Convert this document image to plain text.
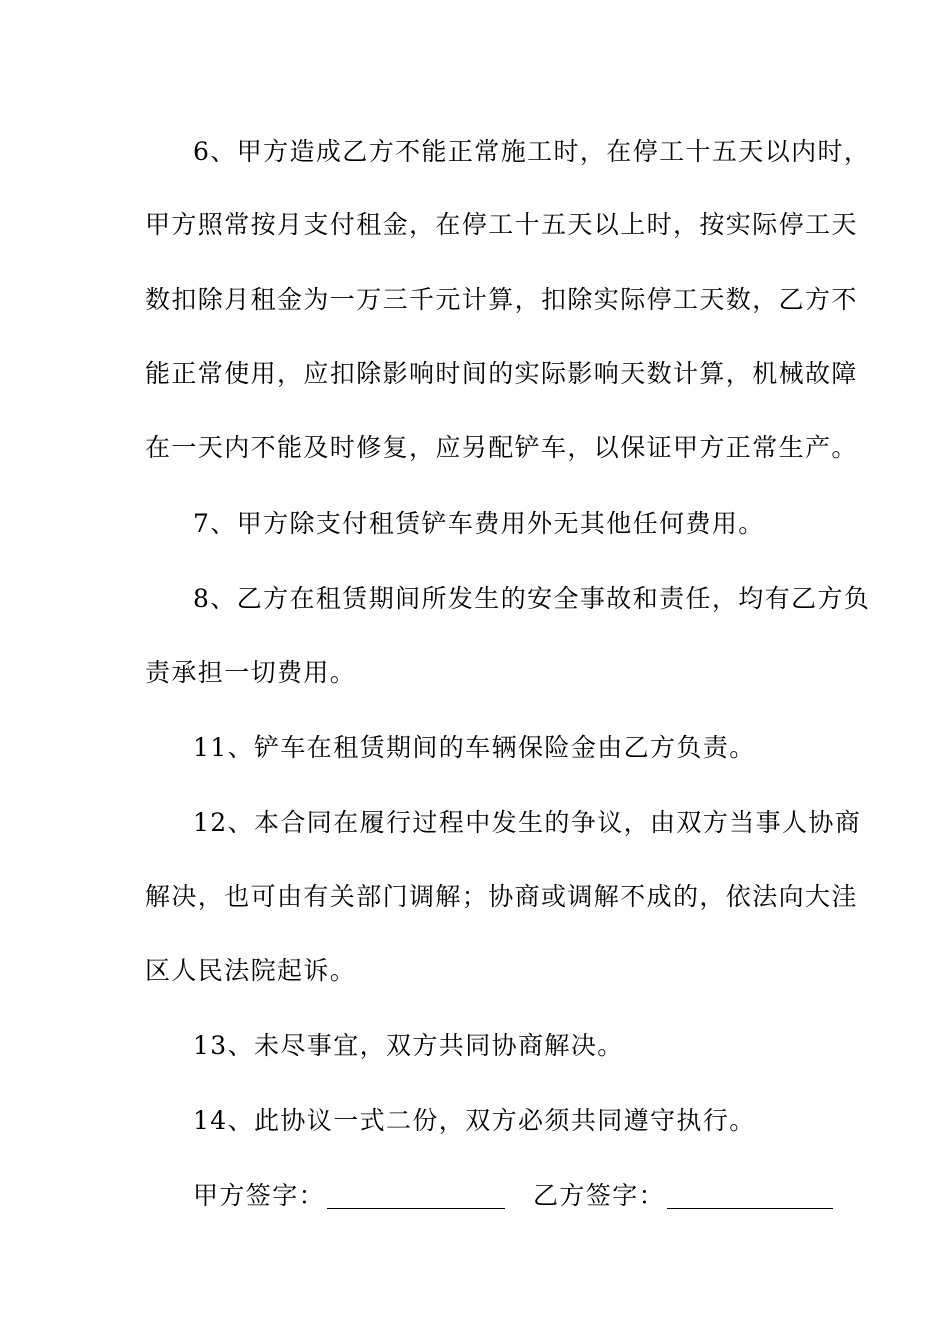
6、甲方造成乙方不能正常施工时，在停工十五天以内时，
甲方照常按月支付租金，在停工十五天以上时，按实际停工天
数扣除月租金为一万三千元计算，扣除实际停工天数，乙方不
能正常使用，应扣除影响时间的实际影响天数计算，机械故障
在一天内不能及时修复，应另配铲车，以保证甲方正常生产。
7、甲方除支付租赁铲车费用外无其他任何费用。
8、乙方在租赁期间所发生的安全事故和责任，均有乙方负
责承担一切费用。
11、铲车在租赁期间的车辆保险金由乙方负责。
12、本合同在履行过程中发生的争议，由双方当事人协商
解决，也可由有关部门调解；协商或调解不成的，依法向大洼
区人民法院起诉。
13、未尽事宜，双方共同协商解决。
14、此协议一式二份，双方必须共同遵守执行。
甲方签字：	乙方签字：
